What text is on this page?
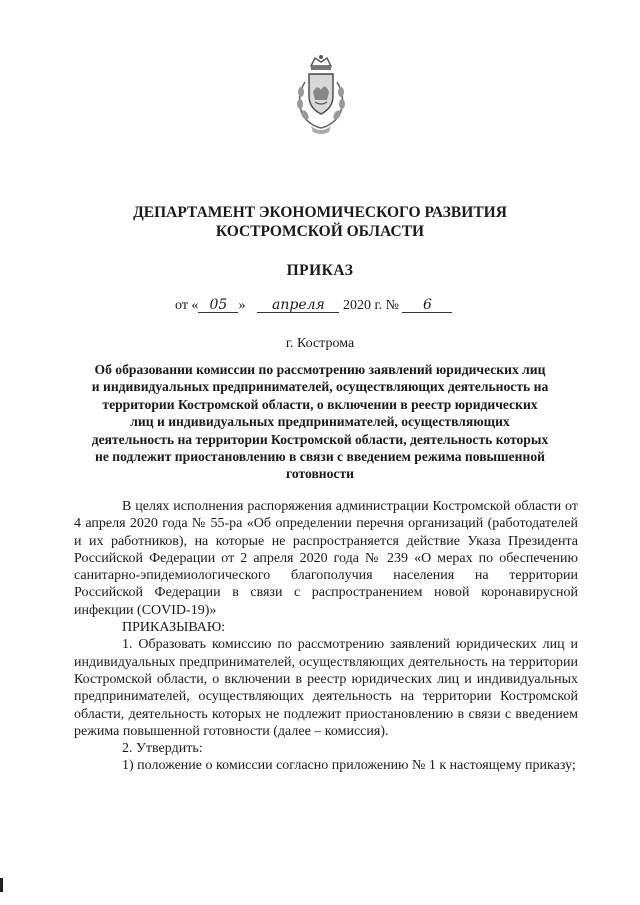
ДЕПАРТАМЕНТ ЭКОНОМИЧЕСКОГО РАЗВИТИЯ
КОСТРОМСКОЙ ОБЛАСТИ
ПРИКАЗ
от « 05 » апреля 2020 г. № 6
г. Кострома
Об образовании комиссии по рассмотрению заявлений юридических лиц и индивидуальных предпринимателей, осуществляющих деятельность на территории Костромской области, о включении в реестр юридических лиц и индивидуальных предпринимателей, осуществляющих деятельность на территории Костромской области, деятельность которых не подлежит приостановлению в связи с введением режима повышенной готовности

В целях исполнения распоряжения администрации Костромской области от 4 апреля 2020 года № 55-ра «Об определении перечня организаций (работодателей и их работников), на которые не распространяется действие Указа Президента Российской Федерации от 2 апреля 2020 года № 239 «О мерах по обеспечению санитарно-эпидемиологического благополучия населения на территории Российской Федерации в связи с распространением новой коронавирусной инфекции (COVID-19)»

ПРИКАЗЫВАЮ:

1. Образовать комиссию по рассмотрению заявлений юридических лиц и индивидуальных предпринимателей, осуществляющих деятельность на территории Костромской области, о включении в реестр юридических лиц и индивидуальных предпринимателей, осуществляющих деятельность на территории Костромской области, деятельность которых не подлежит приостановлению в связи с введением режима повышенной готовности (далее – комиссия).

2. Утвердить:

1) положение о комиссии согласно приложению № 1 к настоящему приказу;
